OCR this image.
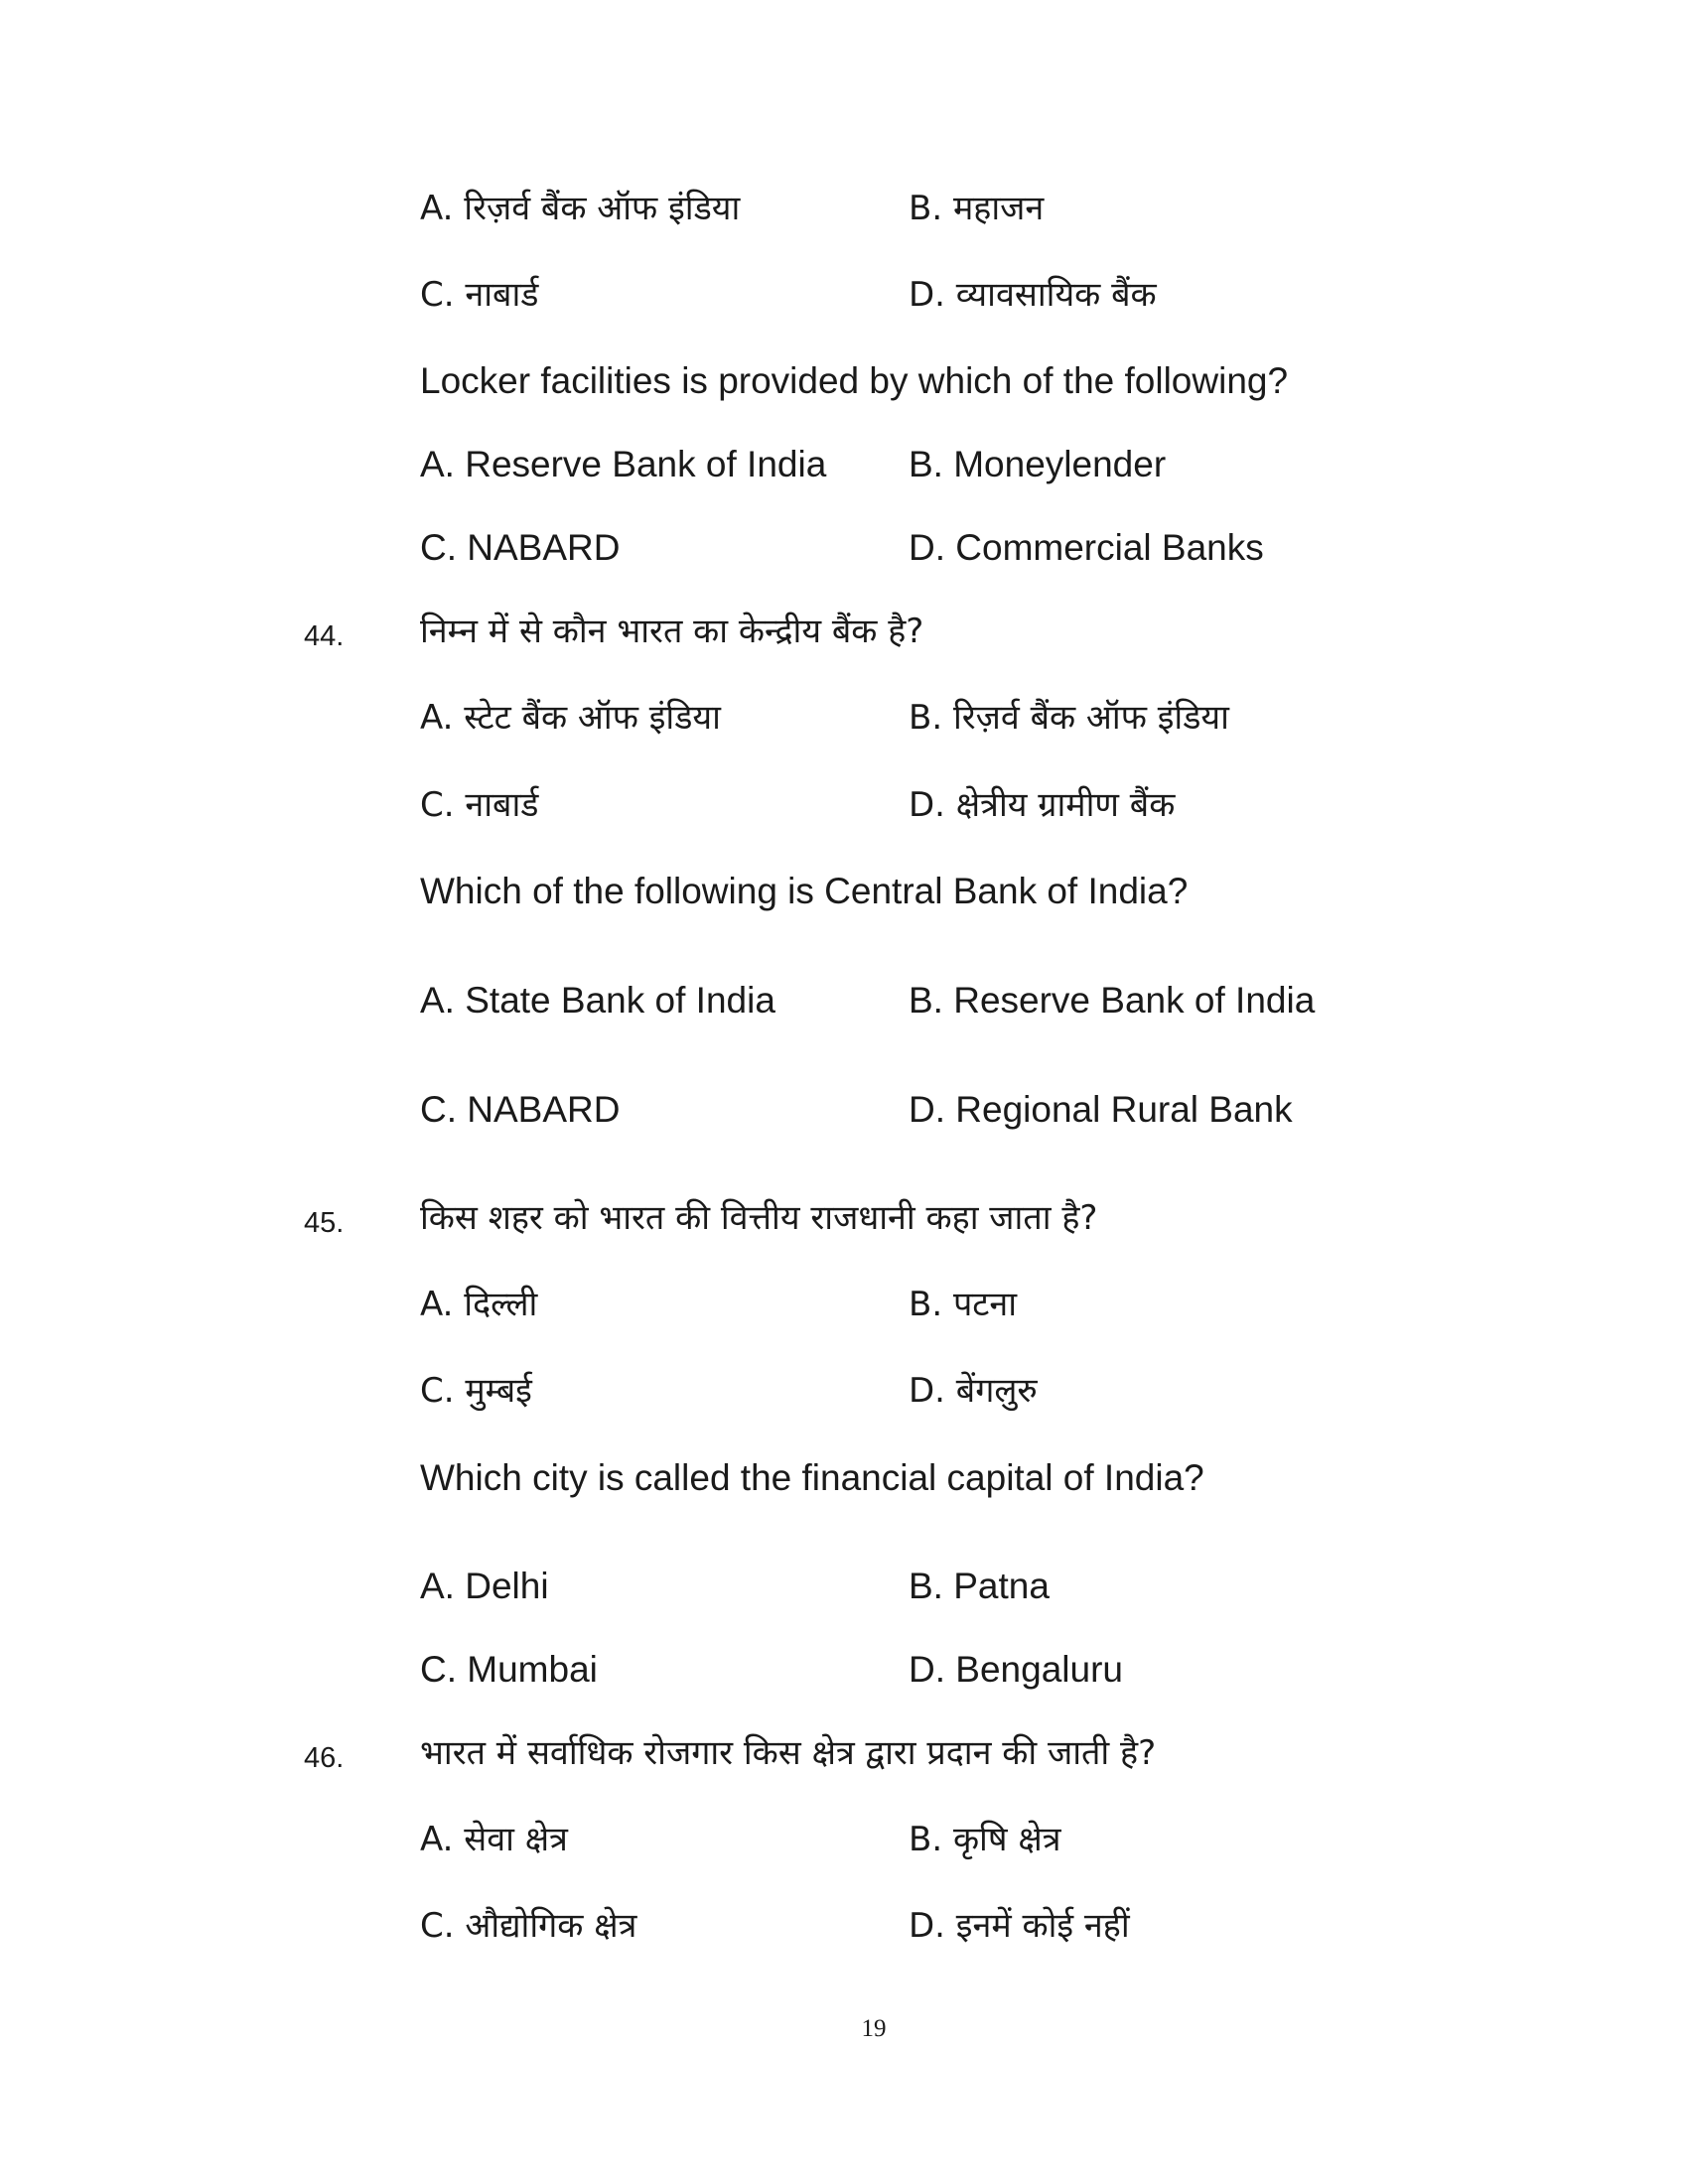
A. रिज़र्व बैंक ऑफ इंडिया	B. महाजन
C. नाबार्ड	D. व्यावसायिक बैंक
Locker facilities is provided by which of the following?
A. Reserve Bank of India B. Moneylender
C. NABARD	D. Commercial Banks
44. निम्न में से कौन भारत का केन्द्रीय बैंक है?
A. स्टेट बैंक ऑफ इंडिया	B. रिज़र्व बैंक ऑफ इंडिया
C. नाबार्ड	D. क्षेत्रीय ग्रामीण बैंक
Which of the following is Central Bank of India?
A. State Bank of India	B. Reserve Bank of India
C. NABARD	D. Regional Rural Bank
45. किस शहर को भारत की वित्तीय राजधानी कहा जाता है?
A. दिल्ली	B. पटना
C. मुम्बई	D. बेंगलुरु
Which city is called the financial capital of India?
A. Delhi	B. Patna
C. Mumbai	D. Bengaluru
46. भारत में सर्वाधिक रोजगार किस क्षेत्र द्वारा प्रदान की जाती है?
A. सेवा क्षेत्र	B. कृषि क्षेत्र
C. औद्योगिक क्षेत्र	D. इनमें कोई नहीं
19
